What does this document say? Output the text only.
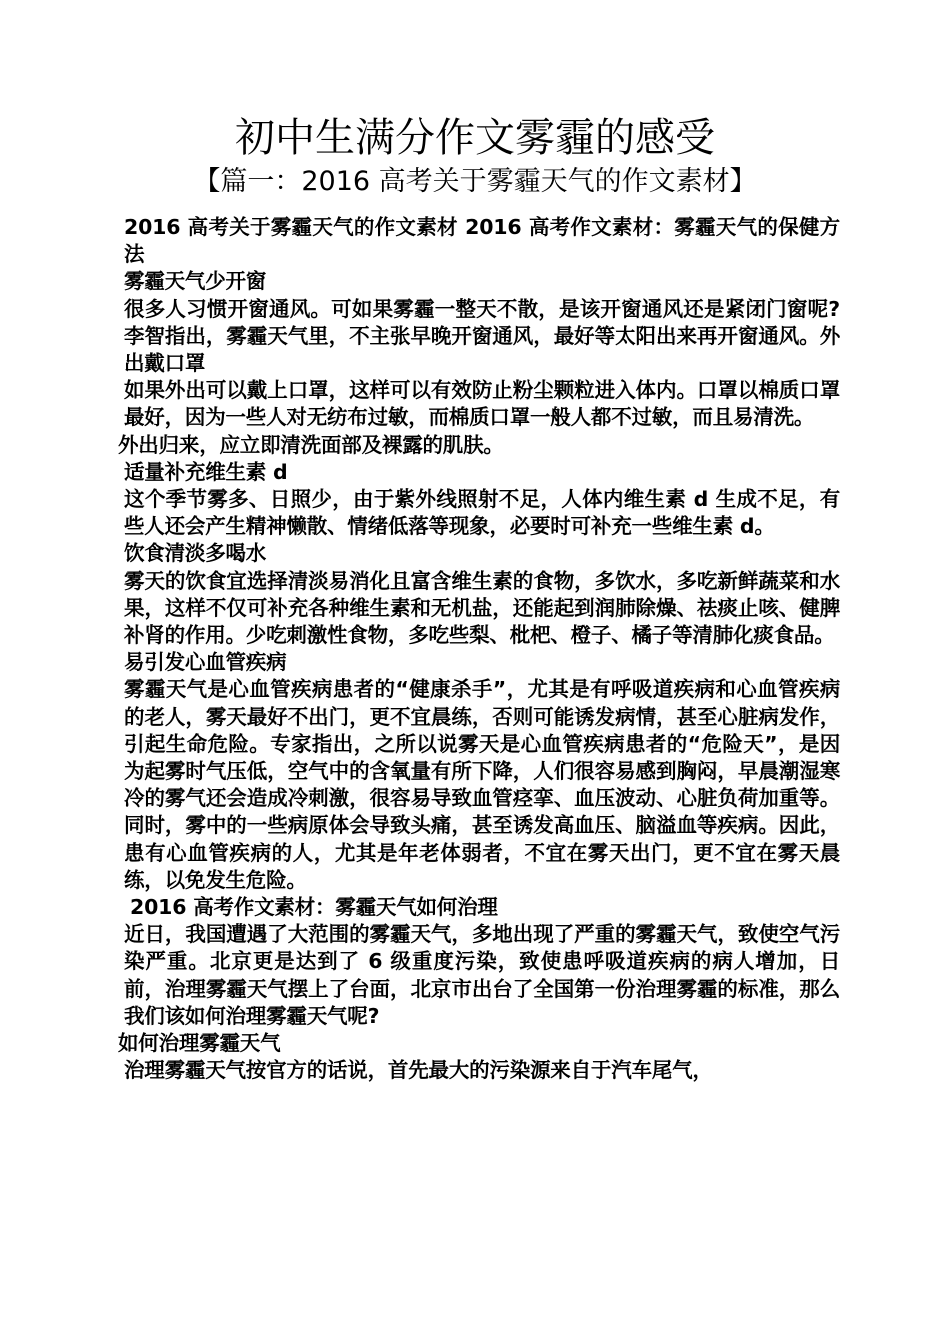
初中生满分作文雾霾的感受
【篇一：2016 高考关于雾霾天气的作文素材】

2016 高考关于雾霾天气的作文素材 2016 高考作文素材：雾霾天气的保健方法

雾霾天气少开窗

很多人习惯开窗通风。可如果雾霾一整天不散，是该开窗通风还是紧闭门窗呢?李智指出，雾霾天气里，不主张早晚开窗通风，最好等太阳出来再开窗通风。外出戴口罩

如果外出可以戴上口罩，这样可以有效防止粉尘颗粒进入体内。口罩以棉质口罩最好，因为一些人对无纺布过敏，而棉质口罩一般人都不过敏，而且易清洗。

外出归来，应立即清洗面部及裸露的肌肤。

适量补充维生素 d

这个季节雾多、日照少，由于紫外线照射不足，人体内维生素 d 生成不足，有些人还会产生精神懒散、情绪低落等现象，必要时可补充一些维生素 d。

饮食清淡多喝水

雾天的饮食宜选择清淡易消化且富含维生素的食物，多饮水，多吃新鲜蔬菜和水果，这样不仅可补充各种维生素和无机盐，还能起到润肺除燥、祛痰止咳、健脾补肾的作用。少吃刺激性食物，多吃些梨、枇杷、橙子、橘子等清肺化痰食品。

易引发心血管疾病

雾霾天气是心血管疾病患者的“健康杀手”，尤其是有呼吸道疾病和心血管疾病的老人，雾天最好不出门，更不宜晨练，否则可能诱发病情，甚至心脏病发作，引起生命危险。专家指出，之所以说雾天是心血管疾病患者的“危险天”，是因为起雾时气压低，空气中的含氧量有所下降，人们很容易感到胸闷，早晨潮湿寒冷的雾气还会造成冷刺激，很容易导致血管痉挛、血压波动、心脏负荷加重等。同时，雾中的一些病原体会导致头痛，甚至诱发高血压、脑溢血等疾病。因此，患有心血管疾病的人，尤其是年老体弱者，不宜在雾天出门，更不宜在雾天晨练，以免发生危险。

2016 高考作文素材：雾霾天气如何治理

近日，我国遭遇了大范围的雾霾天气，多地出现了严重的雾霾天气，致使空气污染严重。北京更是达到了 6 级重度污染，致使患呼吸道疾病的病人增加，日前，治理雾霾天气摆上了台面，北京市出台了全国第一份治理雾霾的标准，那么我们该如何治理雾霾天气呢?

如何治理雾霾天气

治理雾霾天气按官方的话说，首先最大的污染源来自于汽车尾气，
